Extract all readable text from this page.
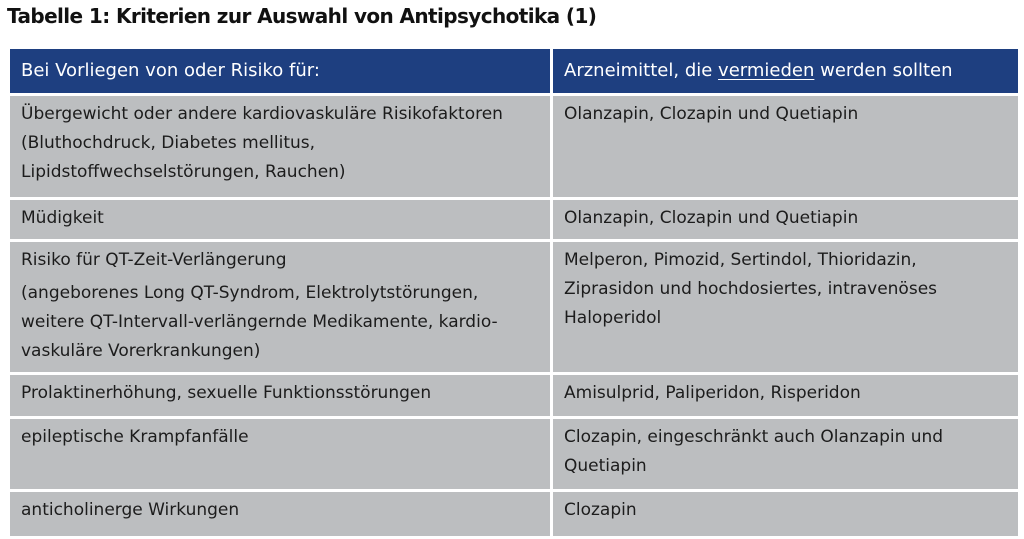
Tabelle 1: Kriterien zur Auswahl von Antipsychotika (1)
Bei Vorliegen von oder Risiko für:	Arzneimittel, die vermieden werden sollten

Übergewicht oder andere kardiovaskuläre Risikofaktoren
(Bluthochdruck, Diabetes mellitus,
Lipidstoffwechselstörungen, Rauchen)	Olanzapin, Clozapin und Quetiapin

Müdigkeit	Olanzapin, Clozapin und Quetiapin

Risiko für QT-Zeit-Verlängerung
(angeborenes Long QT-Syndrom, Elektrolytstörungen,
weitere QT-Intervall-verlängernde Medikamente, kardio-
vaskuläre Vorerkrankungen)	Melperon, Pimozid, Sertindol, Thioridazin,
Ziprasidon und hochdosiertes, intravenöses
Haloperidol

Prolaktinerhöhung, sexuelle Funktionsstörungen	Amisulprid, Paliperidon, Risperidon

epileptische Krampfanfälle	Clozapin, eingeschränkt auch Olanzapin und
Quetiapin

anticholinerge Wirkungen	Clozapin
